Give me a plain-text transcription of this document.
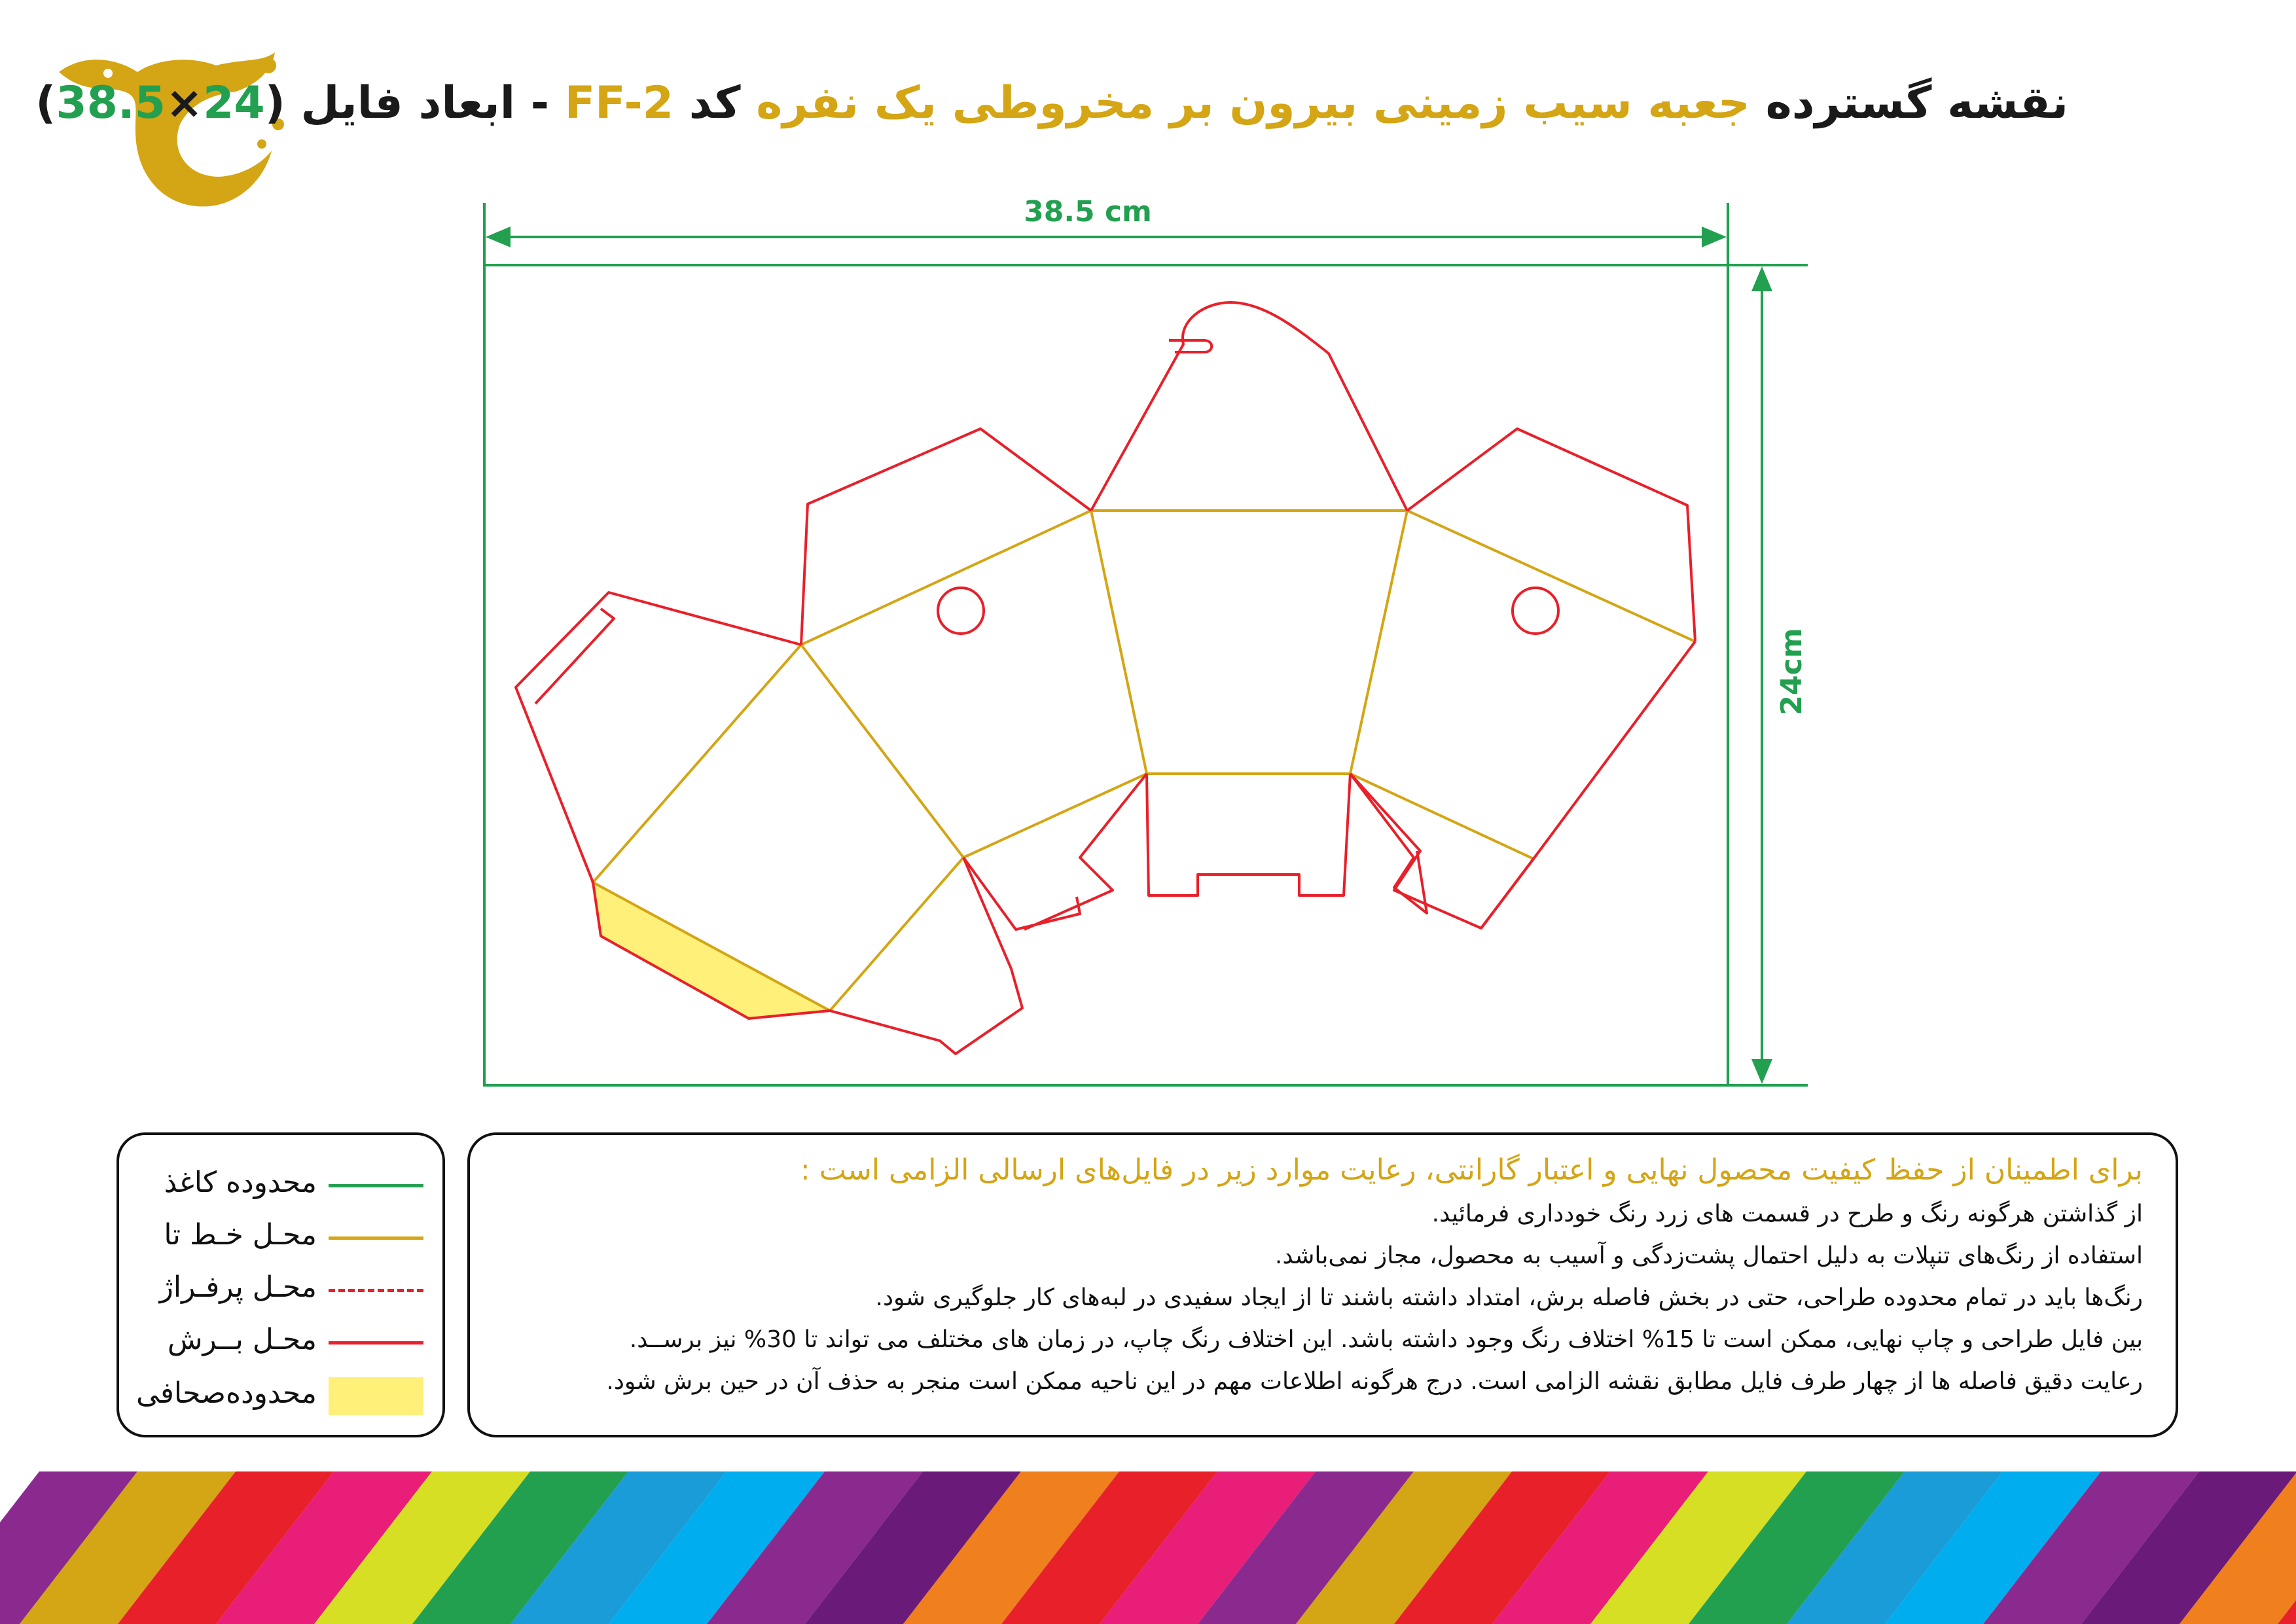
نقشه گسترده جعبه سیب زمینی بیرون بر مخروطی یک نفره کد FF-2 - ابعاد فایل (24×38.5)
38.5 cm
24cm
محدوده کاغذ
محـل خـط تا
محـل پرفـراژ
محـل بــرش
محدوده‌صحافی
برای اطمینان از حفظ کیفیت محصول نهایی و اعتبار گارانتی، رعایت موارد زیر در فایل‌های ارسالی الزامی است :
از گذاشتن هرگونه رنگ و طرح در قسمت های زرد رنگ خودداری فرمائید.
استفاده از رنگ‌های تنپلات به دلیل احتمال پشت‌زدگی و آسیب به محصول، مجاز نمی‌باشد.
رنگ‌ها باید در تمام محدوده طراحی، حتی در بخش فاصله برش، امتداد داشته باشند تا از ایجاد سفیدی در لبه‌های کار جلوگیری شود.
بین فایل طراحی و چاپ نهایی، ممکن است تا 15% اختلاف رنگ وجود داشته باشد. این اختلاف رنگ چاپ، در زمان های مختلف می تواند تا 30% نیز برســد.
رعایت دقیق فاصله ها از چهار طرف فایل مطابق نقشه الزامی است. درج هرگونه اطلاعات مهم در این ناحیه ممکن است منجر به حذف آن در حین برش شود.
